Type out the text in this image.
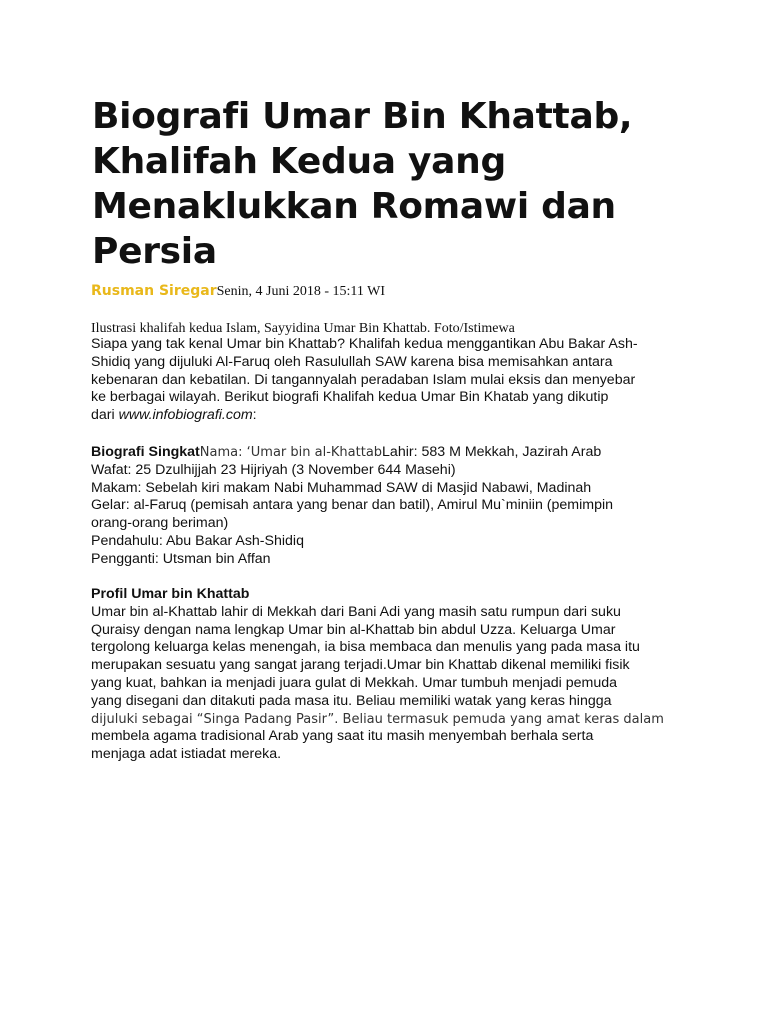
Biografi Umar Bin Khattab,
Khalifah Kedua yang
Menaklukkan Romawi dan
Persia
Rusman SiregarSenin, 4 Juni 2018 - 15:11 WI
Ilustrasi khalifah kedua Islam, Sayyidina Umar Bin Khattab. Foto/Istimewa
Siapa yang tak kenal Umar bin Khattab? Khalifah kedua menggantikan Abu Bakar Ash-
Shidiq yang dijuluki Al-Faruq oleh Rasulullah SAW karena bisa memisahkan antara
kebenaran dan kebatilan. Di tangannyalah peradaban Islam mulai eksis dan menyebar
ke berbagai wilayah. Berikut biografi Khalifah kedua Umar Bin Khatab yang dikutip
dari www.infobiografi.com:
Biografi SingkatNama: ‘Umar bin al-KhattabLahir: 583 M Mekkah, Jazirah Arab
Wafat: 25 Dzulhijjah 23 Hijriyah (3 November 644 Masehi)
Makam: Sebelah kiri makam Nabi Muhammad SAW di Masjid Nabawi, Madinah
Gelar: al-Faruq (pemisah antara yang benar dan batil), Amirul Mu`miniin (pemimpin
orang-orang beriman)
Pendahulu: Abu Bakar Ash-Shidiq
Pengganti: Utsman bin Affan
Profil Umar bin Khattab
Umar bin al-Khattab lahir di Mekkah dari Bani Adi yang masih satu rumpun dari suku
Quraisy dengan nama lengkap Umar bin al-Khattab bin abdul Uzza. Keluarga Umar
tergolong keluarga kelas menengah, ia bisa membaca dan menulis yang pada masa itu
merupakan sesuatu yang sangat jarang terjadi.Umar bin Khattab dikenal memiliki fisik
yang kuat, bahkan ia menjadi juara gulat di Mekkah. Umar tumbuh menjadi pemuda
yang disegani dan ditakuti pada masa itu. Beliau memiliki watak yang keras hingga
dijuluki sebagai “Singa Padang Pasir”. Beliau termasuk pemuda yang amat keras dalam
membela agama tradisional Arab yang saat itu masih menyembah berhala serta
menjaga adat istiadat mereka.
